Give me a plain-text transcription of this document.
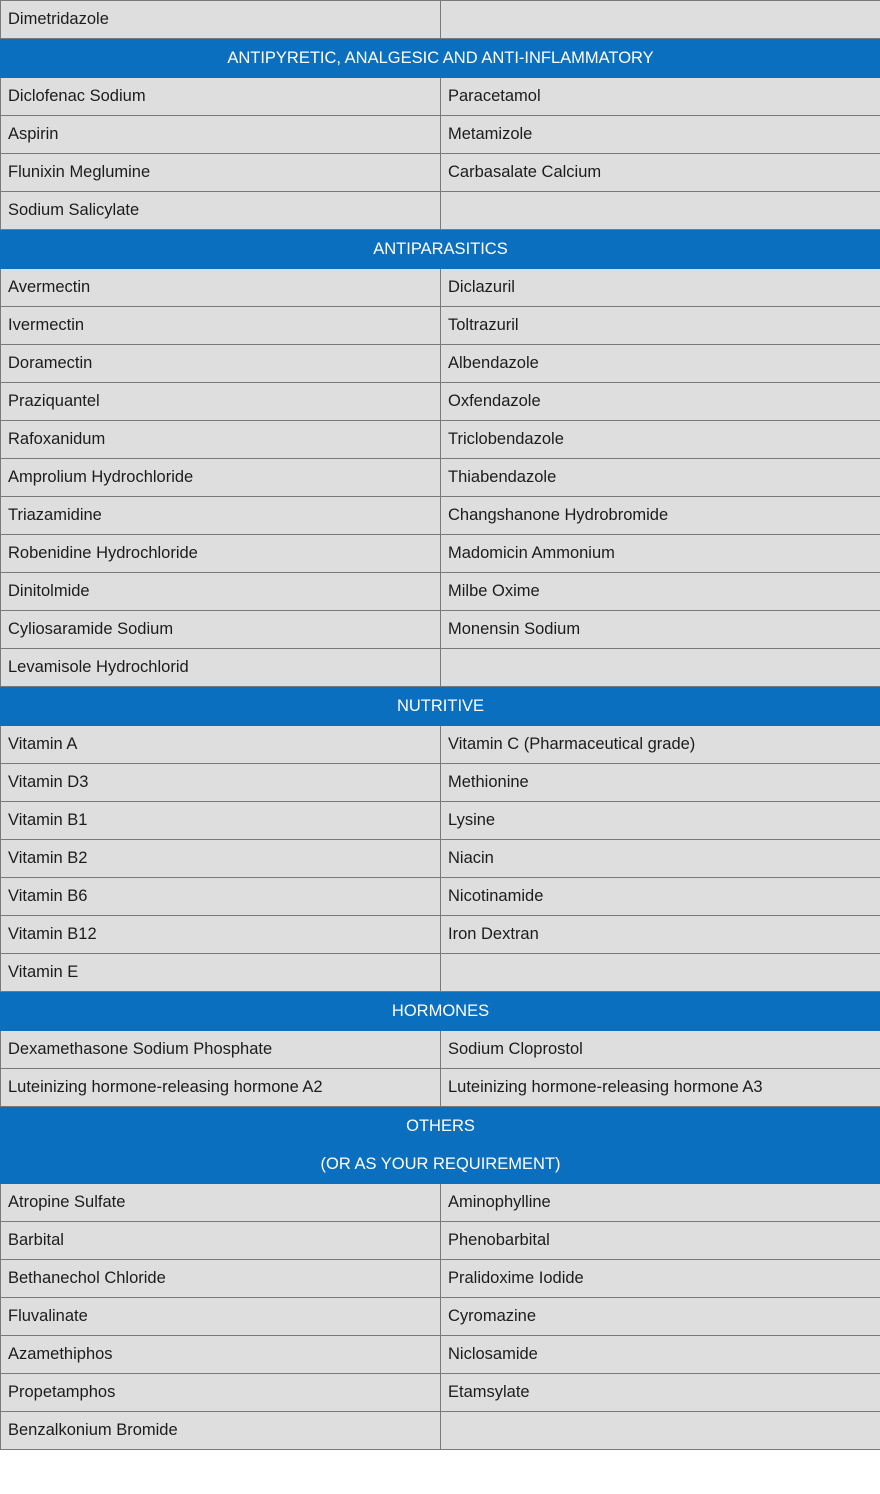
Dimetridazole	

ANTIPYRETIC, ANALGESIC AND ANTI-INFLAMMATORY	

Diclofenac Sodium	Paracetamol
Aspirin	Metamizole
Flunixin Meglumine	Carbasalate Calcium
Sodium Salicylate	

ANTIPARASITICS	

Avermectin	Diclazuril
Ivermectin	Toltrazuril
Doramectin	Albendazole
Praziquantel	Oxfendazole
Rafoxanidum	Triclobendazole
Amprolium Hydrochloride	Thiabendazole
Triazamidine	Changshanone Hydrobromide
Robenidine Hydrochloride	Madomicin Ammonium
Dinitolmide	Milbe Oxime
Cyliosaramide Sodium	Monensin Sodium
Levamisole Hydrochlorid	

NUTRITIVE	

Vitamin A	Vitamin C (Pharmaceutical grade)
Vitamin D3	Methionine
Vitamin B1	Lysine
Vitamin B2	Niacin
Vitamin B6	Nicotinamide
Vitamin B12	Iron Dextran
Vitamin E	

HORMONES	

Dexamethasone Sodium Phosphate	Sodium Cloprostol
Luteinizing hormone-releasing hormone A2	Luteinizing hormone-releasing hormone A3

OTHERS
(OR AS YOUR REQUIREMENT)	

Atropine Sulfate	Aminophylline
Barbital	Phenobarbital
Bethanechol Chloride	Pralidoxime Iodide
Fluvalinate	Cyromazine
Azamethiphos	Niclosamide
Propetamphos	Etamsylate
Benzalkonium Bromide	
